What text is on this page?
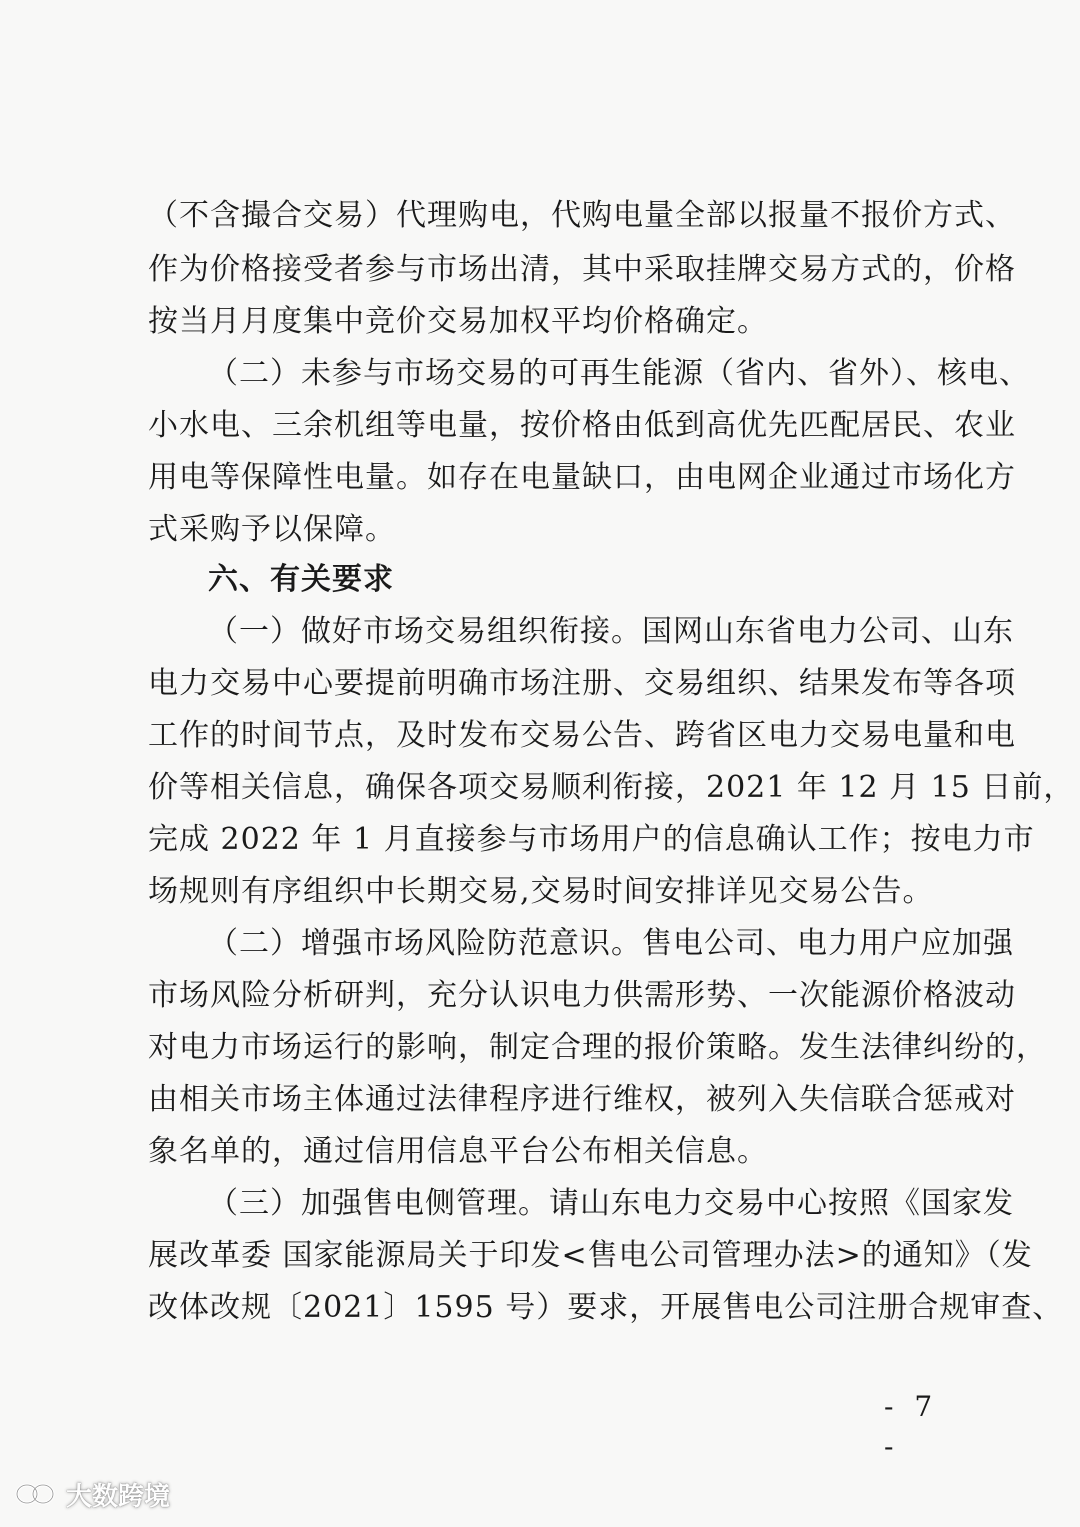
（不含撮合交易）代理购电，代购电量全部以报量不报价方式、
作为价格接受者参与市场出清，其中采取挂牌交易方式的，价格
按当月月度集中竞价交易加权平均价格确定。
（二）未参与市场交易的可再生能源（省内、省外）、核电、
小水电、三余机组等电量，按价格由低到高优先匹配居民、农业
用电等保障性电量。如存在电量缺口，由电网企业通过市场化方
式采购予以保障。
六、有关要求
（一）做好市场交易组织衔接。国网山东省电力公司、山东
电力交易中心要提前明确市场注册、交易组织、结果发布等各项
工作的时间节点，及时发布交易公告、跨省区电力交易电量和电
价等相关信息，确保各项交易顺利衔接，2021 年 12 月 15 日前，
完成 2022 年 1 月直接参与市场用户的信息确认工作；按电力市
场规则有序组织中长期交易,交易时间安排详见交易公告。
（二）增强市场风险防范意识。售电公司、电力用户应加强
市场风险分析研判，充分认识电力供需形势、一次能源价格波动
对电力市场运行的影响，制定合理的报价策略。发生法律纠纷的，
由相关市场主体通过法律程序进行维权，被列入失信联合惩戒对
象名单的，通过信用信息平台公布相关信息。
（三）加强售电侧管理。请山东电力交易中心按照《国家发
展改革委 国家能源局关于印发<售电公司管理办法>的通知》（发
改体改规〔2021〕1595 号）要求，开展售电公司注册合规审查、
- 7 -
大数跨境
